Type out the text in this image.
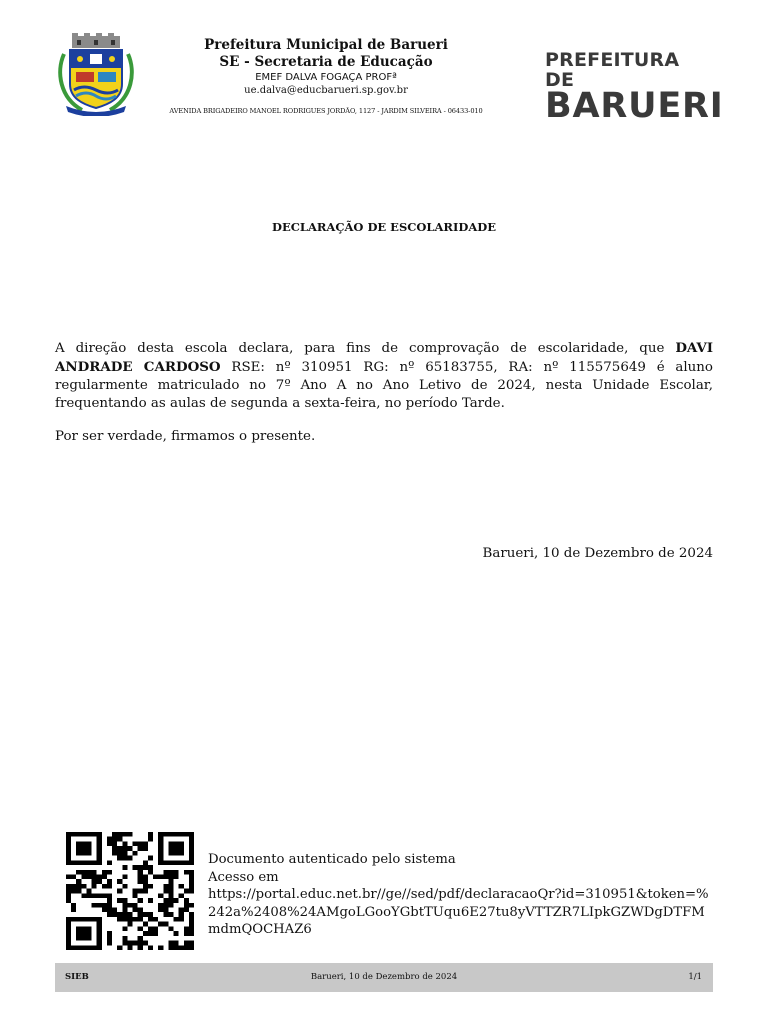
Prefeitura Municipal de Barueri
SE - Secretaria de Educação
EMEF DALVA FOGAÇA PROFª
ue.dalva@educbarueri.sp.gov.br
AVENIDA BRIGADEIRO MANOEL RODRIGUES JORDÃO, 1127 - JARDIM SILVEIRA - 06433-010
PREFEITURA DE
BARUERI
DECLARAÇÃO DE ESCOLARIDADE

A direção desta escola declara, para fins de comprovação de escolaridade, que DAVI ANDRADE CARDOSO RSE: nº 310951 RG: nº 65183755, RA: nº 115575649 é aluno regularmente matriculado no 7º Ano A no Ano Letivo de 2024, nesta Unidade Escolar, frequentando as aulas de segunda a sexta-feira, no período Tarde.

Por ser verdade, firmamos o presente.

Barueri, 10 de Dezembro de 2024
Documento autenticado pelo sistema
Acesso em
https://portal.educ.net.br//ge//sed/pdf/declaracaoQr?id=310951&token=%242a%2408%24AMgoLGooYGbtTUqu6E27tu8yVTTZR7LIpkGZWDgDTFMmdmQOCHAZ6
SIEB	Barueri, 10 de Dezembro de 2024	1/1
